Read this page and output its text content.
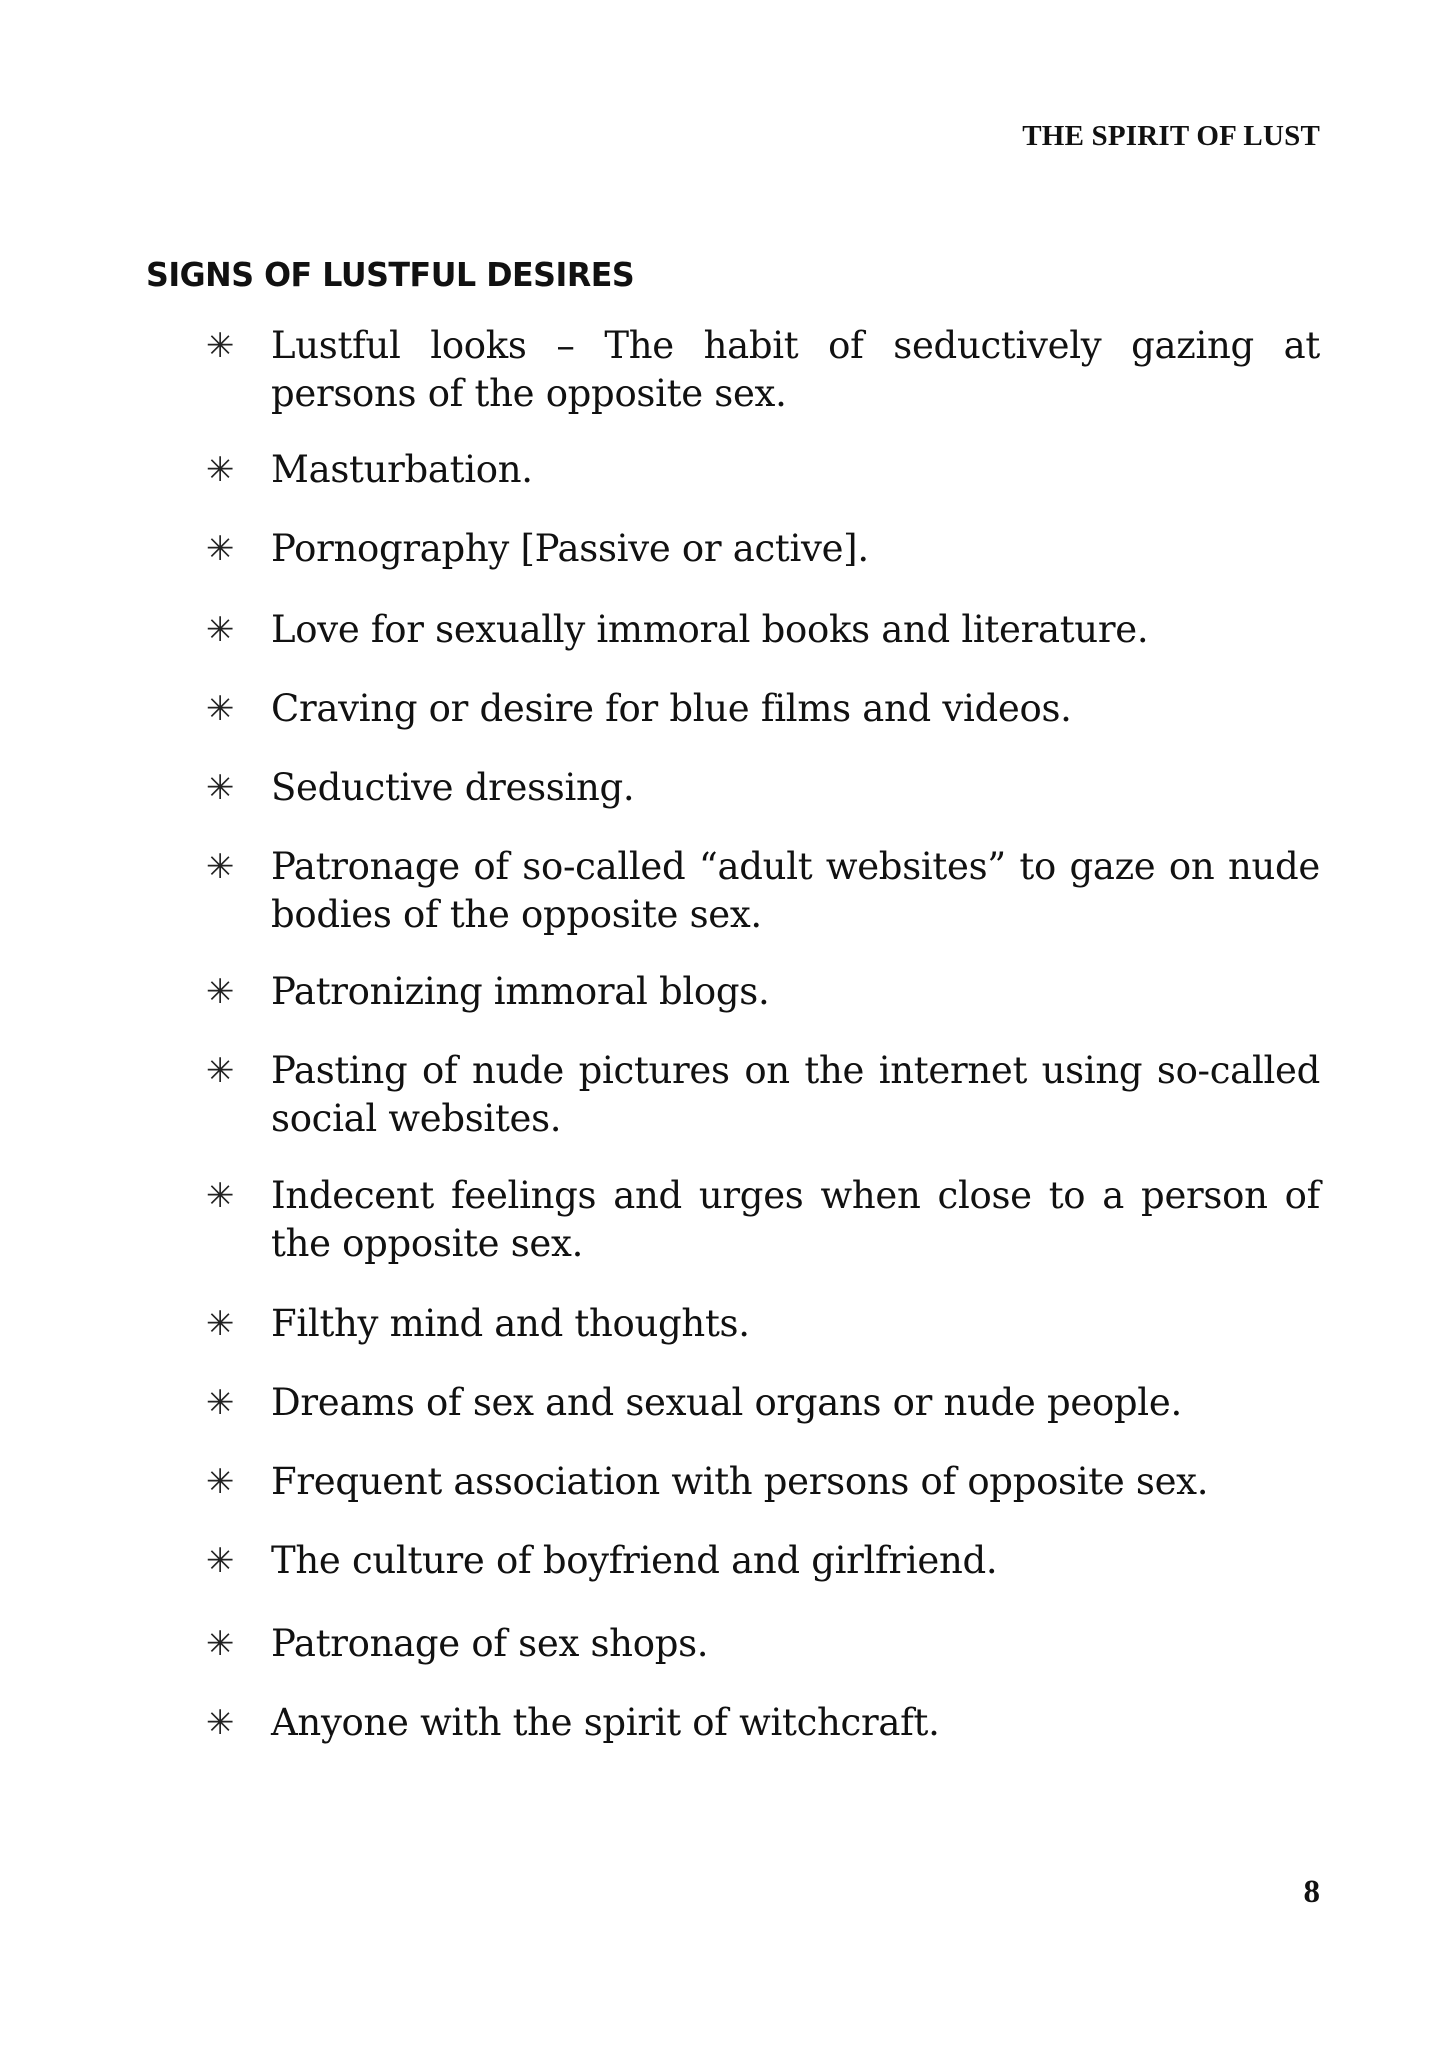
THE SPIRIT OF LUST
SIGNS OF LUSTFUL DESIRES
✳ Lustful looks – The habit of seductively gazing at persons of the opposite sex.

✳ Masturbation.

✳ Pornography [Passive or active].

✳ Love for sexually immoral books and literature.

✳ Craving or desire for blue films and videos.

✳ Seductive dressing.

✳ Patronage of so-called “adult websites” to gaze on nude bodies of the opposite sex.

✳ Patronizing immoral blogs.

✳ Pasting of nude pictures on the internet using so-called social websites.

✳ Indecent feelings and urges when close to a person of the opposite sex.

✳ Filthy mind and thoughts.

✳ Dreams of sex and sexual organs or nude people.

✳ Frequent association with persons of opposite sex.

✳ The culture of boyfriend and girlfriend.

✳ Patronage of sex shops.

✳ Anyone with the spirit of witchcraft.

8
